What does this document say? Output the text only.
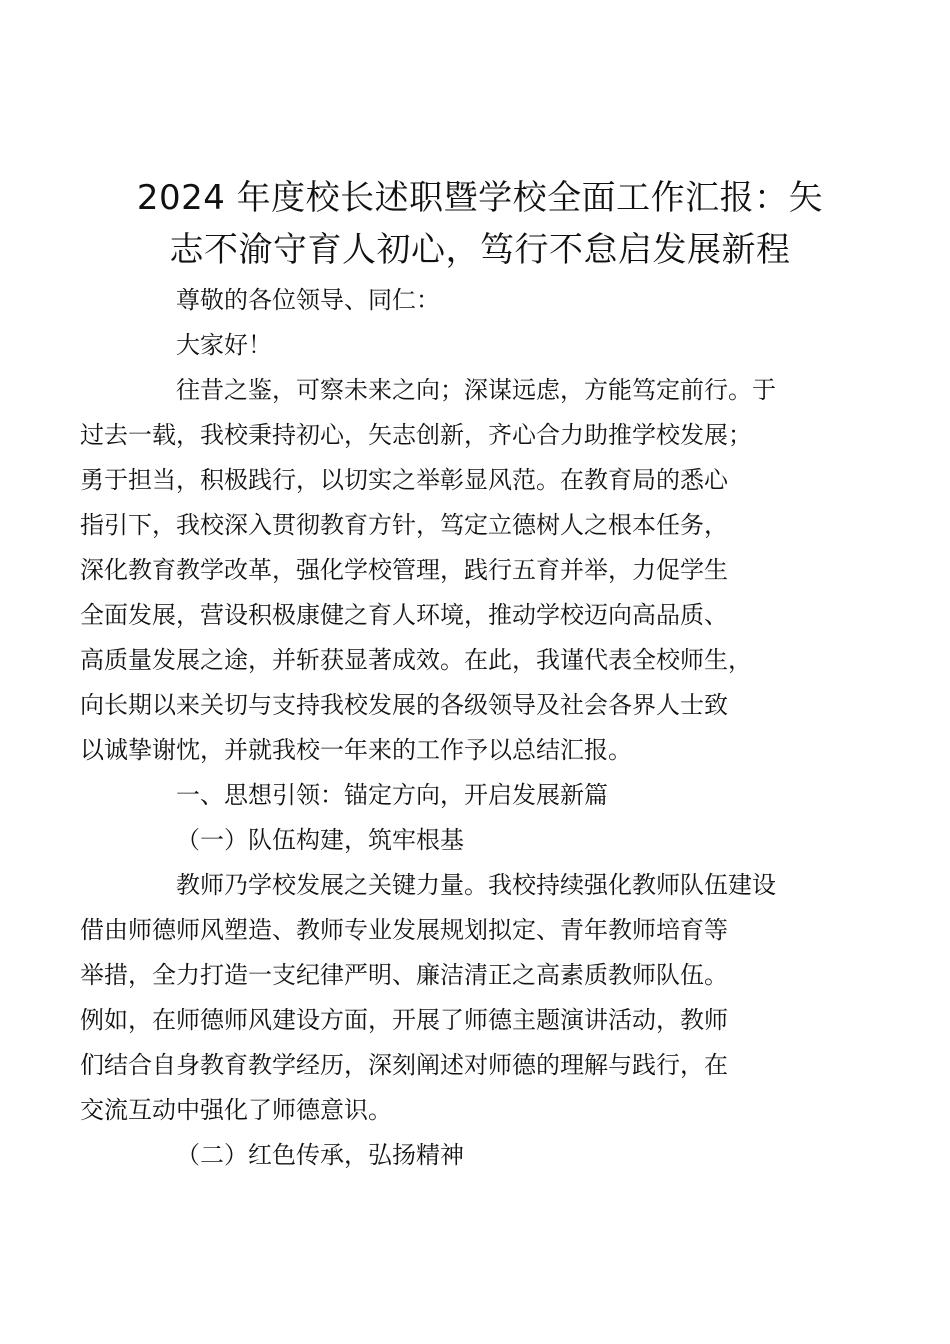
2024 年度校长述职暨学校全面工作汇报：矢
志不渝守育人初心，笃行不怠启发展新程

尊敬的各位领导、同仁：

大家好！

往昔之鉴，可察未来之向；深谋远虑，方能笃定前行。于
过去一载，我校秉持初心，矢志创新，齐心合力助推学校发展；
勇于担当，积极践行，以切实之举彰显风范。在教育局的悉心
指引下，我校深入贯彻教育方针，笃定立德树人之根本任务，
深化教育教学改革，强化学校管理，践行五育并举，力促学生
全面发展，营设积极康健之育人环境，推动学校迈向高品质、
高质量发展之途，并斩获显著成效。在此，我谨代表全校师生，
向长期以来关切与支持我校发展的各级领导及社会各界人士致
以诚挚谢忱，并就我校一年来的工作予以总结汇报。

一、思想引领：锚定方向，开启发展新篇

（一）队伍构建，筑牢根基

教师乃学校发展之关键力量。我校持续强化教师队伍建设
借由师德师风塑造、教师专业发展规划拟定、青年教师培育等
举措，全力打造一支纪律严明、廉洁清正之高素质教师队伍。
例如，在师德师风建设方面，开展了师德主题演讲活动，教师
们结合自身教育教学经历，深刻阐述对师德的理解与践行，在
交流互动中强化了师德意识。

（二）红色传承，弘扬精神
